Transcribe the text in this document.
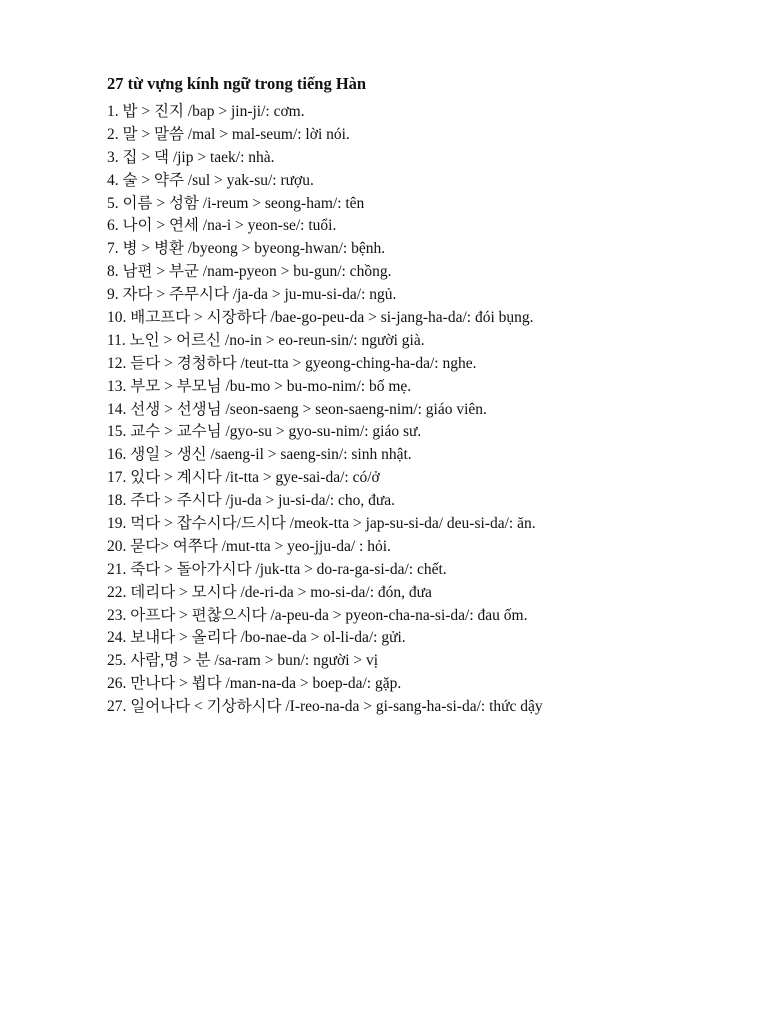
27 từ vựng kính ngữ trong tiếng Hàn
1. 밥 > 진지 /bap > jin-ji/: cơm.
2. 말 > 말씀 /mal > mal-seum/: lời nói.
3. 집 > 댁 /jip > taek/: nhà.
4. 술 > 약주 /sul > yak-su/: rượu.
5. 이름 > 성함 /i-reum > seong-ham/: tên
6. 나이 > 연세 /na-i > yeon-se/: tuổi.
7. 병 > 병환 /byeong > byeong-hwan/: bệnh.
8. 남편 > 부군 /nam-pyeon > bu-gun/: chồng.
9. 자다 > 주무시다 /ja-da > ju-mu-si-da/: ngủ.
10. 배고프다 > 시장하다 /bae-go-peu-da > si-jang-ha-da/: đói bụng.
11. 노인 > 어르신 /no-in > eo-reun-sin/: người già.
12. 듣다 > 경청하다 /teut-tta > gyeong-ching-ha-da/: nghe.
13. 부모 > 부모님 /bu-mo > bu-mo-nim/: bố mẹ.
14. 선생 > 선생님 /seon-saeng > seon-saeng-nim/: giáo viên.
15. 교수 > 교수님 /gyo-su > gyo-su-nim/: giáo sư.
16. 생일 > 생신 /saeng-il > saeng-sin/: sinh nhật.
17. 있다 > 계시다 /it-tta > gye-sai-da/: có/ở
18. 주다 > 주시다 /ju-da > ju-si-da/: cho, đưa.
19. 먹다 > 잡수시다/드시다 /meok-tta > jap-su-si-da/ deu-si-da/: ăn.
20. 묻다> 여쭈다 /mut-tta > yeo-jju-da/ : hỏi.
21. 죽다 > 돌아가시다 /juk-tta > do-ra-ga-si-da/: chết.
22. 데리다 > 모시다 /de-ri-da > mo-si-da/: đón, đưa
23. 아프다 > 편찮으시다 /a-peu-da > pyeon-cha-na-si-da/: đau ốm.
24. 보내다 > 올리다 /bo-nae-da > ol-li-da/: gửi.
25. 사람,명 > 분 /sa-ram > bun/: người > vị
26. 만나다 > 뵙다 /man-na-da > boep-da/: gặp.
27. 일어나다 < 기상하시다 /I-reo-na-da > gi-sang-ha-si-da/: thức dậy
